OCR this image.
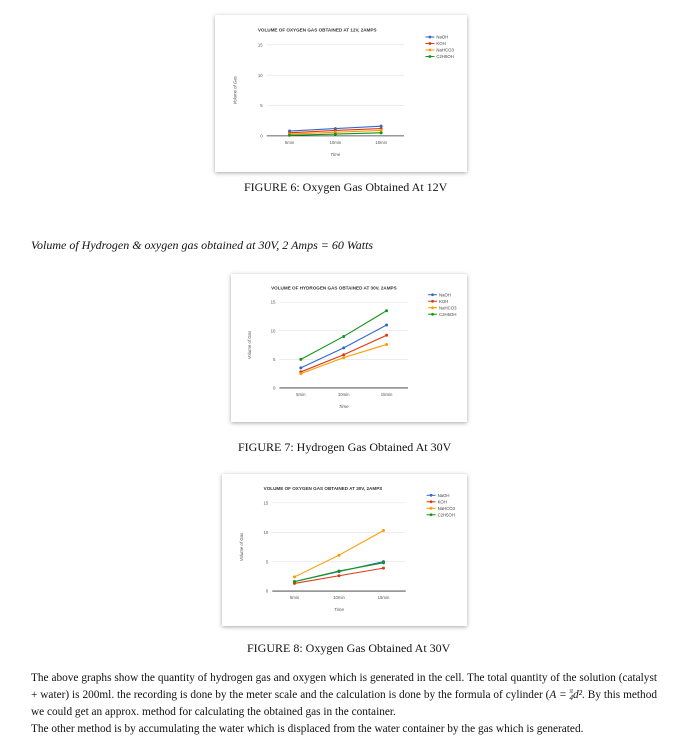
VOLUME OF OXYGEN GAS OBTAINED AT 12V, 2AMPS
0
5
10
15
5min	10min	15min
Time
Volume of Gas
NaOH
KOH
NaHCO3
C2H5OH
FIGURE 6: Oxygen Gas Obtained At 12V
Volume of Hydrogen & oxygen gas obtained at 30V, 2 Amps = 60 Watts
VOLUME OF HYDROGEN GAS OBTAINED AT 30V, 2AMPS
0
5
10
15
5min	10min	15min
Time
Volume of Gas
NaOH
KOH
NaHCO3
C2H5OH
FIGURE 7: Hydrogen Gas Obtained At 30V
VOLUME OF OXYGEN GAS OBTAINED AT 30V, 2AMPS
0
5
10
15
5min	10min	15min
Time
Volume of Gas
NaOH
KOH
NaHCO3
C2H5OH
FIGURE 8: Oxygen Gas Obtained At 30V

The above graphs show the quantity of hydrogen gas and oxygen which is generated in the cell. The total quantity of the solution (catalyst + water) is 200ml. the recording is done by the meter scale and the calculation is done by the formula of cylinder (A = π
4 d². By this method we could get an approx. method for calculating the obtained gas in the container.

The other method is by accumulating the water which is displaced from the water container by the gas which is generated.
